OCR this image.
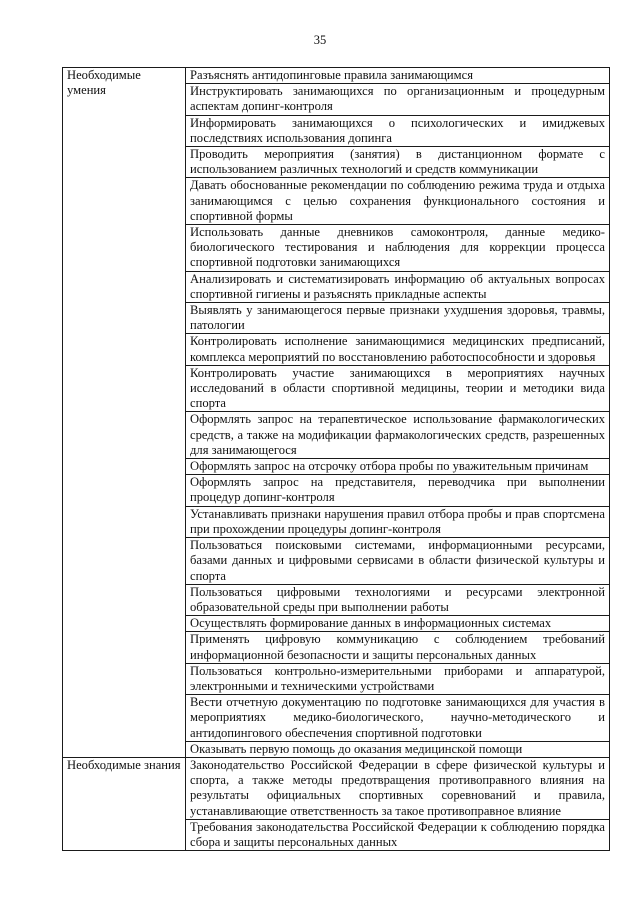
35
Необходимые умения	Разъяснять антидопинговые правила занимающимся
	Инструктировать занимающихся по организационным и процедурным аспектам допинг-контроля
	Информировать занимающихся о психологических и имиджевых последствиях использования допинга
	Проводить мероприятия (занятия) в дистанционном формате с использованием различных технологий и средств коммуникации
	Давать обоснованные рекомендации по соблюдению режима труда и отдыха занимающимся с целью сохранения функционального состояния и спортивной формы
	Использовать данные дневников самоконтроля, данные медико-биологического тестирования и наблюдения для коррекции процесса спортивной подготовки занимающихся
	Анализировать и систематизировать информацию об актуальных вопросах спортивной гигиены и разъяснять прикладные аспекты
	Выявлять у занимающегося первые признаки ухудшения здоровья, травмы, патологии
	Контролировать исполнение занимающимися медицинских предписаний, комплекса мероприятий по восстановлению работоспособности и здоровья
	Контролировать участие занимающихся в мероприятиях научных исследований в области спортивной медицины, теории и методики вида спорта
	Оформлять запрос на терапевтическое использование фармакологических средств, а также на модификации фармакологических средств, разрешенных для занимающегося
	Оформлять запрос на отсрочку отбора пробы по уважительным причинам
	Оформлять запрос на представителя, переводчика при выполнении процедур допинг-контроля
	Устанавливать признаки нарушения правил отбора пробы и прав спортсмена при прохождении процедуры допинг-контроля
	Пользоваться поисковыми системами, информационными ресурсами, базами данных и цифровыми сервисами в области физической культуры и спорта
	Пользоваться цифровыми технологиями и ресурсами электронной образовательной среды при выполнении работы
	Осуществлять формирование данных в информационных системах
	Применять цифровую коммуникацию с соблюдением требований информационной безопасности и защиты персональных данных
	Пользоваться контрольно-измерительными приборами и аппаратурой, электронными и техническими устройствами
	Вести отчетную документацию по подготовке занимающихся для участия в мероприятиях медико-биологического, научно-методического и антидопингового обеспечения спортивной подготовки
	Оказывать первую помощь до оказания медицинской помощи
Необходимые знания	Законодательство Российской Федерации в сфере физической культуры и спорта, а также методы предотвращения противоправного влияния на результаты официальных спортивных соревнований и правила, устанавливающие ответственность за такое противоправное влияние
	Требования законодательства Российской Федерации к соблюдению порядка сбора и защиты персональных данных
